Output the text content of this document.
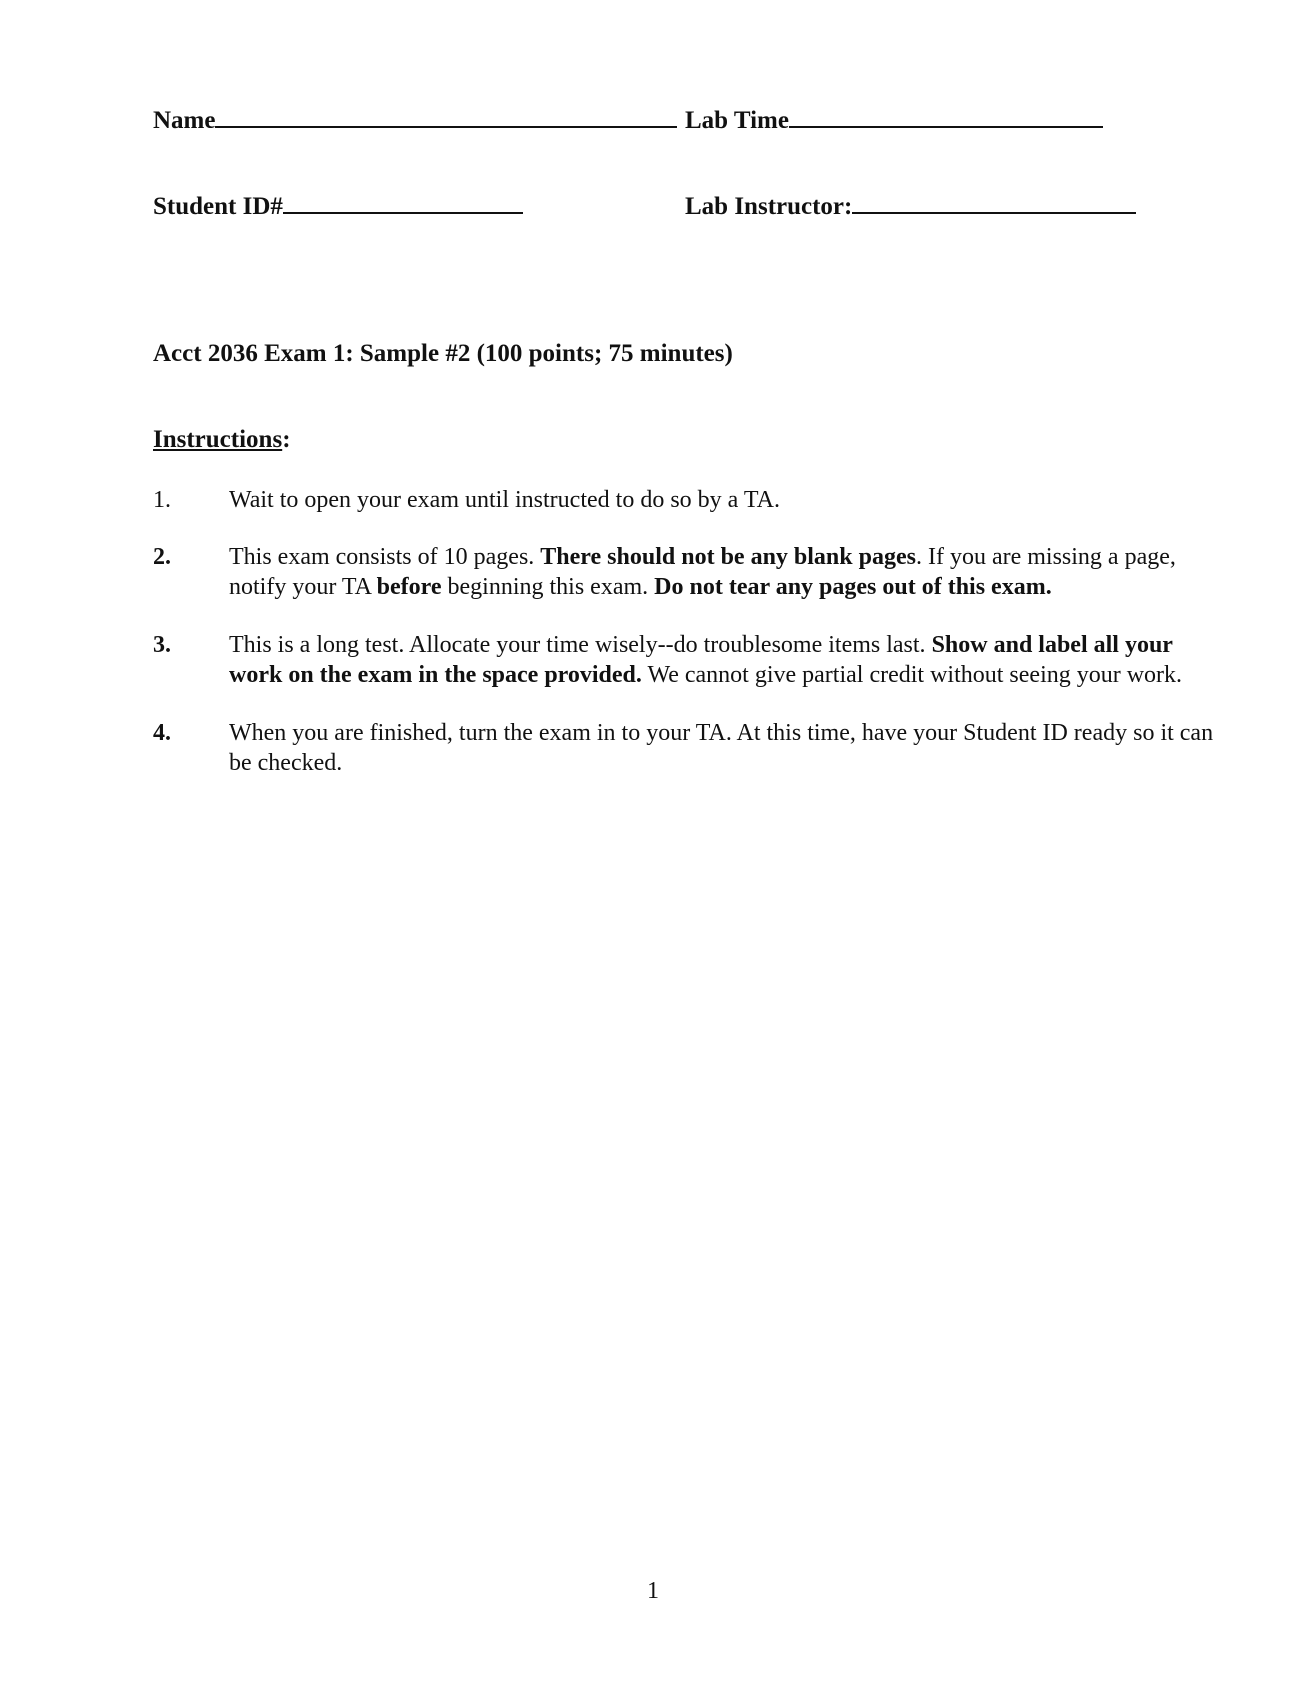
Name	Lab Time
Student ID#	Lab Instructor:
Acct 2036 Exam 1: Sample #2 (100 points; 75 minutes)
Instructions:
1.	Wait to open your exam until instructed to do so by a TA.
2.	This exam consists of 10 pages. There should not be any blank pages. If you are missing a page, notify your TA before beginning this exam. Do not tear any pages out of this exam.
3.	This is a long test. Allocate your time wisely--do troublesome items last. Show and label all your work on the exam in the space provided. We cannot give partial credit without seeing your work.
4.	When you are finished, turn the exam in to your TA. At this time, have your Student ID ready so it can be checked.
1
